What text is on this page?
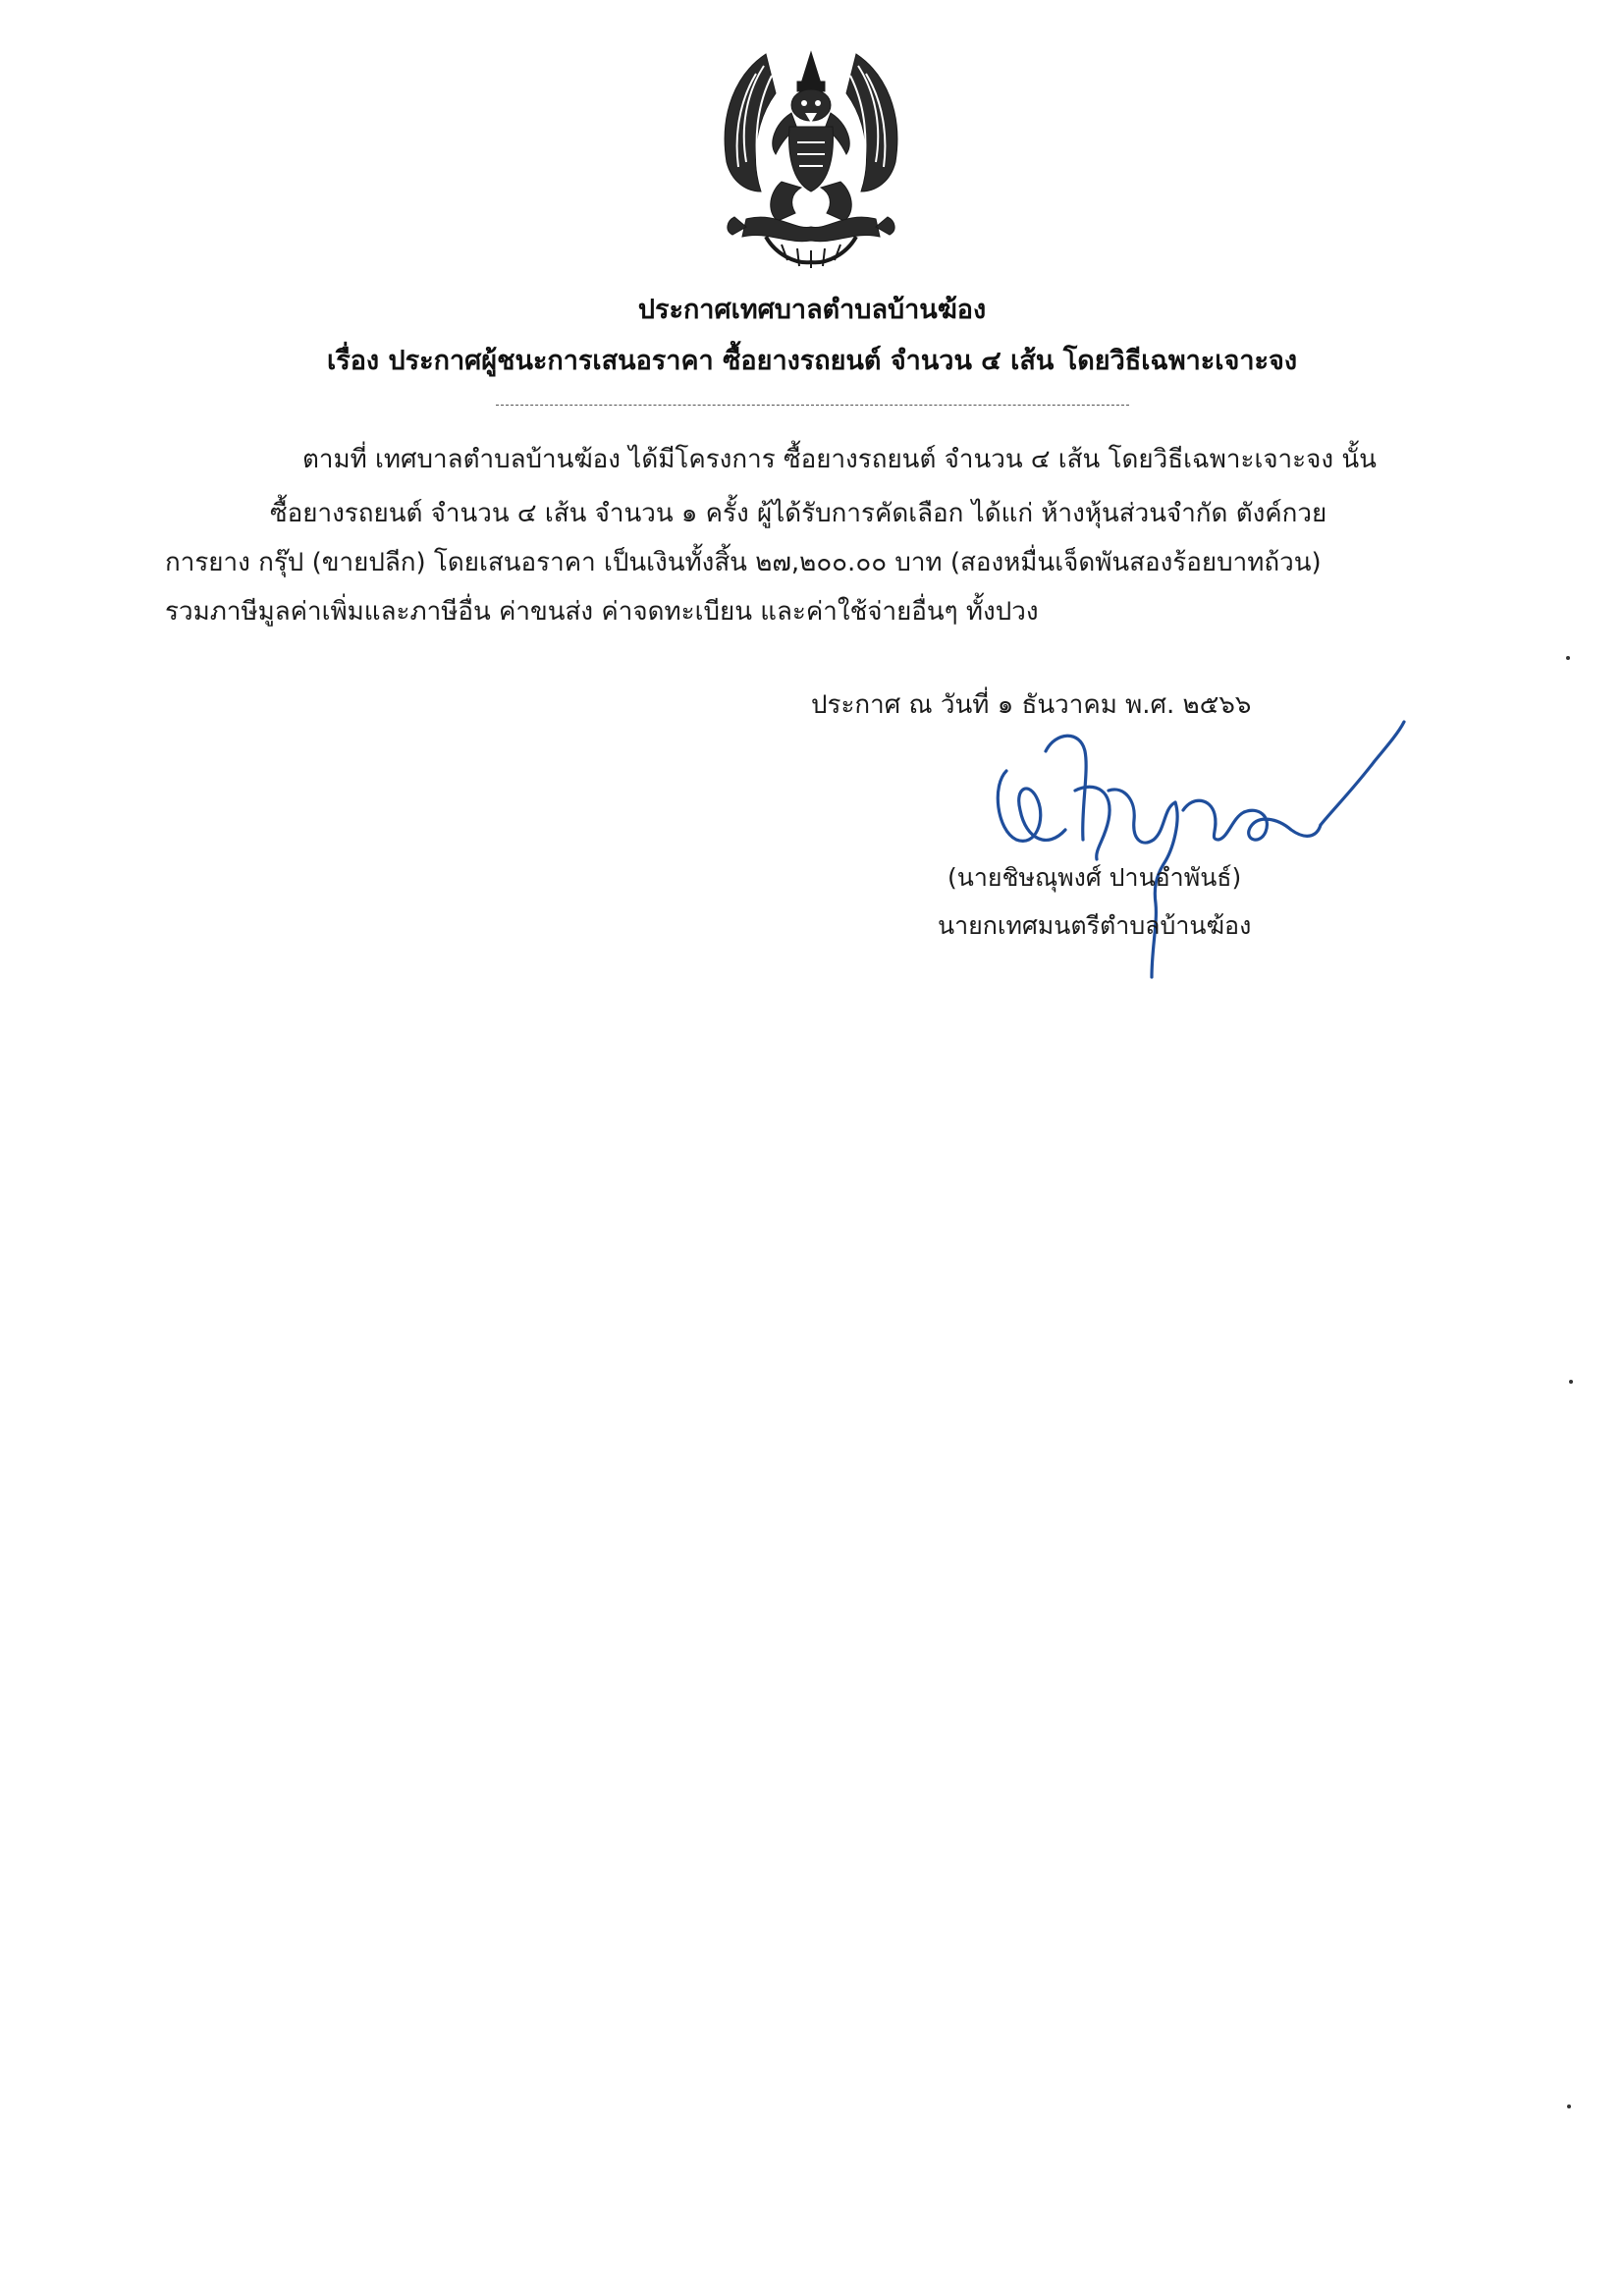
ประกาศเทศบาลตำบลบ้านฆ้อง
เรื่อง ประกาศผู้ชนะการเสนอราคา ซื้อยางรถยนต์ จำนวน ๔ เส้น โดยวิธีเฉพาะเจาะจง
ตามที่ เทศบาลตำบลบ้านฆ้อง ได้มีโครงการ ซื้อยางรถยนต์ จำนวน ๔ เส้น โดยวิธีเฉพาะเจาะจง นั้น
ซื้อยางรถยนต์ จำนวน ๔ เส้น จำนวน ๑ ครั้ง ผู้ได้รับการคัดเลือก ได้แก่ ห้างหุ้นส่วนจำกัด ตังค์กวย
การยาง กรุ๊ป (ขายปลีก) โดยเสนอราคา เป็นเงินทั้งสิ้น ๒๗,๒๐๐.๐๐ บาท (สองหมื่นเจ็ดพันสองร้อยบาทถ้วน)
รวมภาษีมูลค่าเพิ่มและภาษีอื่น ค่าขนส่ง ค่าจดทะเบียน และค่าใช้จ่ายอื่นๆ ทั้งปวง
ประกาศ ณ วันที่ ๑ ธันวาคม พ.ศ. ๒๕๖๖
(นายชิษณุพงศ์ ปานอำพันธ์)
นายกเทศมนตรีตำบลบ้านฆ้อง
